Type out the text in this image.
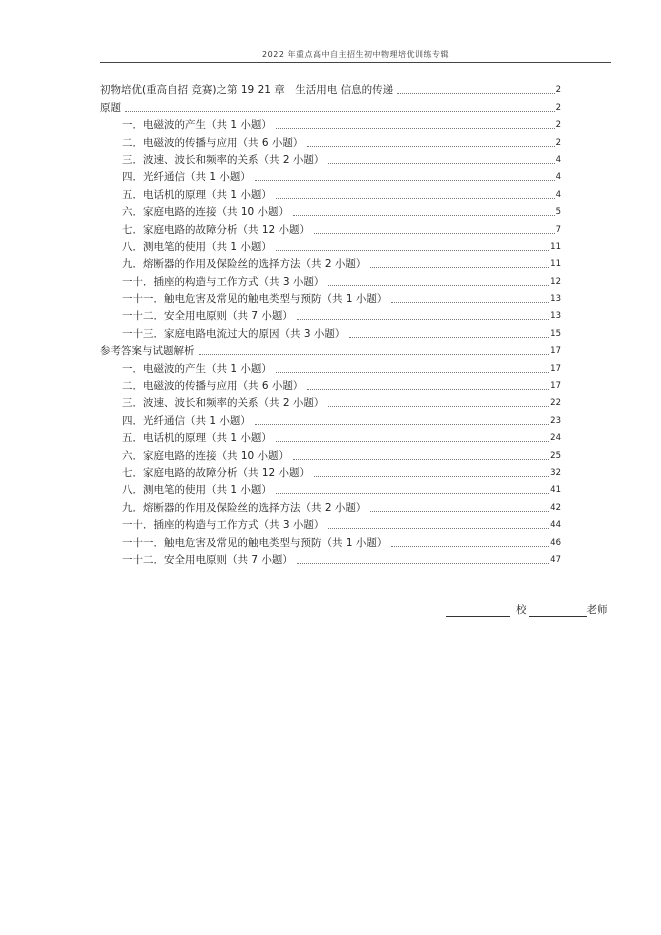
2022 年重点高中自主招生初中物理培优训练专辑
初物培优(重高自招 竞赛)之第 19 21 章　生活用电 信息的传递	2
原题	2
一．电磁波的产生（共 1 小题）	2
二．电磁波的传播与应用（共 6 小题）	2
三．波速、波长和频率的关系（共 2 小题）	4
四．光纤通信（共 1 小题）	4
五．电话机的原理（共 1 小题）	4
六．家庭电路的连接（共 10 小题）	5
七．家庭电路的故障分析（共 12 小题）	7
八．测电笔的使用（共 1 小题）	11
九．熔断器的作用及保险丝的选择方法（共 2 小题）	11
一十．插座的构造与工作方式（共 3 小题）	12
一十一．触电危害及常见的触电类型与预防（共 1 小题）	13
一十二．安全用电原则（共 7 小题）	13
一十三．家庭电路电流过大的原因（共 3 小题）	15
参考答案与试题解析	17
一．电磁波的产生（共 1 小题）	17
二．电磁波的传播与应用（共 6 小题）	17
三．波速、波长和频率的关系（共 2 小题）	22
四．光纤通信（共 1 小题）	23
五．电话机的原理（共 1 小题）	24
六．家庭电路的连接（共 10 小题）	25
七．家庭电路的故障分析（共 12 小题）	32
八．测电笔的使用（共 1 小题）	41
九．熔断器的作用及保险丝的选择方法（共 2 小题）	42
一十．插座的构造与工作方式（共 3 小题）	44
一十一．触电危害及常见的触电类型与预防（共 1 小题）	46
一十二．安全用电原则（共 7 小题）	47
校	老师
